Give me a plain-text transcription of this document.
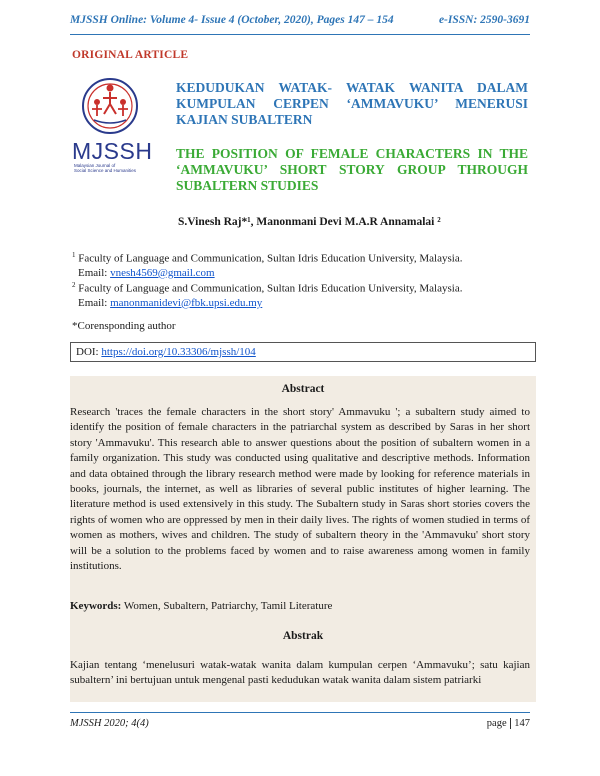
MJSSH Online: Volume 4- Issue 4 (October, 2020), Pages 147 – 154	e-ISSN: 2590-3691
ORIGINAL ARTICLE
MJSSH
Malaysian Journal of
Social Science and Humanities
KEDUDUKAN WATAK- WATAK WANITA DALAM KUMPULAN CERPEN ‘AMMAVUKU’ MENERUSI KAJIAN SUBALTERN
THE POSITION OF FEMALE CHARACTERS IN THE ‘AMMAVUKU’ SHORT STORY GROUP THROUGH SUBALTERN STUDIES
S.Vinesh Raj*¹, Manonmani Devi M.A.R Annamalai ²
$^1$ Faculty of Language and Communication, Sultan Idris Education University, Malaysia.
Email: vnesh4569@gmail.com
$^2$ Faculty of Language and Communication, Sultan Idris Education University, Malaysia.
Email: manonmanidevi@fbk.upsi.edu.my
*Corensponding author
DOI: https://doi.org/10.33306/mjssh/104
Abstract
Research 'traces the female characters in the short story' Ammavuku '; a subaltern study aimed to identify the position of female characters in the patriarchal system as described by Saras in her short story 'Ammavuku'. This research able to answer questions about the position of subaltern women in a family organization. This study was conducted using qualitative and descriptive methods. Information and data obtained through the library research method were made by looking for reference materials in books, journals, the internet, as well as libraries of several public institutes of higher learning. The literature method is used extensively in this study. The Subaltern study in Saras short stories covers the rights of women who are oppressed by men in their daily lives. The rights of women studied in terms of women as mothers, wives and children. The study of subaltern theory in the 'Ammavuku' short story will be a solution to the problems faced by women and to raise awareness among women in family institutions.
Keywords: Women, Subaltern, Patriarchy, Tamil Literature
Abstrak
Kajian tentang ‘menelusuri watak-watak wanita dalam kumpulan cerpen ‘Ammavuku’; satu kajian subaltern’ ini bertujuan untuk mengenal pasti kedudukan watak wanita dalam sistem patriarki
MJSSH 2020; 4(4)	page 147
